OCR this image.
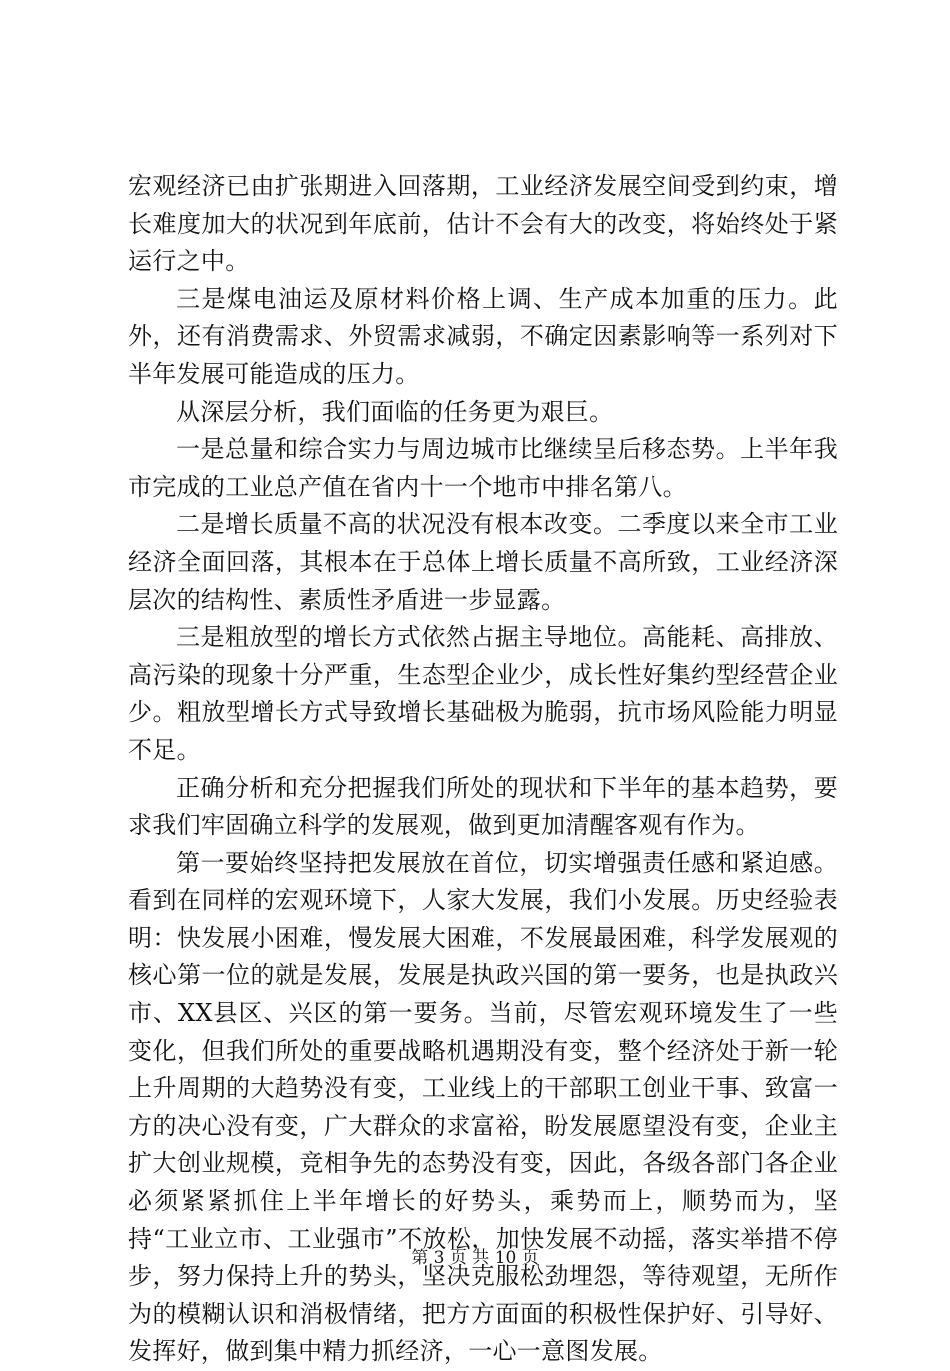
宏观经济已由扩张期进入回落期，工业经济发展空间受到约束，增长难度加大的状况到年底前，估计不会有大的改变，将始终处于紧运行之中。

三是煤电油运及原材料价格上调、生产成本加重的压力。此外，还有消费需求、外贸需求减弱，不确定因素影响等一系列对下半年发展可能造成的压力。

从深层分析，我们面临的任务更为艰巨。

一是总量和综合实力与周边城市比继续呈后移态势。上半年我市完成的工业总产值在省内十一个地市中排名第八。

二是增长质量不高的状况没有根本改变。二季度以来全市工业经济全面回落，其根本在于总体上增长质量不高所致，工业经济深层次的结构性、素质性矛盾进一步显露。

三是粗放型的增长方式依然占据主导地位。高能耗、高排放、高污染的现象十分严重，生态型企业少，成长性好集约型经营企业少。粗放型增长方式导致增长基础极为脆弱，抗市场风险能力明显不足。

正确分析和充分把握我们所处的现状和下半年的基本趋势，要求我们牢固确立科学的发展观，做到更加清醒客观有作为。

第一要始终坚持把发展放在首位，切实增强责任感和紧迫感。看到在同样的宏观环境下，人家大发展，我们小发展。历史经验表明：快发展小困难，慢发展大困难，不发展最困难，科学发展观的核心第一位的就是发展，发展是执政兴国的第一要务，也是执政兴市、XX县区、兴区的第一要务。当前，尽管宏观环境发生了一些变化，但我们所处的重要战略机遇期没有变，整个经济处于新一轮上升周期的大趋势没有变，工业线上的干部职工创业干事、致富一方的决心没有变，广大群众的求富裕，盼发展愿望没有变，企业主扩大创业规模，竞相争先的态势没有变，因此，各级各部门各企业必须紧紧抓住上半年增长的好势头，乘势而上，顺势而为，坚持“工业立市、工业强市”不放松，加快发展不动摇，落实举措不停步，努力保持上升的势头，坚决克服松劲埋怨，等待观望，无所作为的模糊认识和消极情绪，把方方面面的积极性保护好、引导好、发挥好，做到集中精力抓经济，一心一意图发展。

第 3 页 共 10 页
